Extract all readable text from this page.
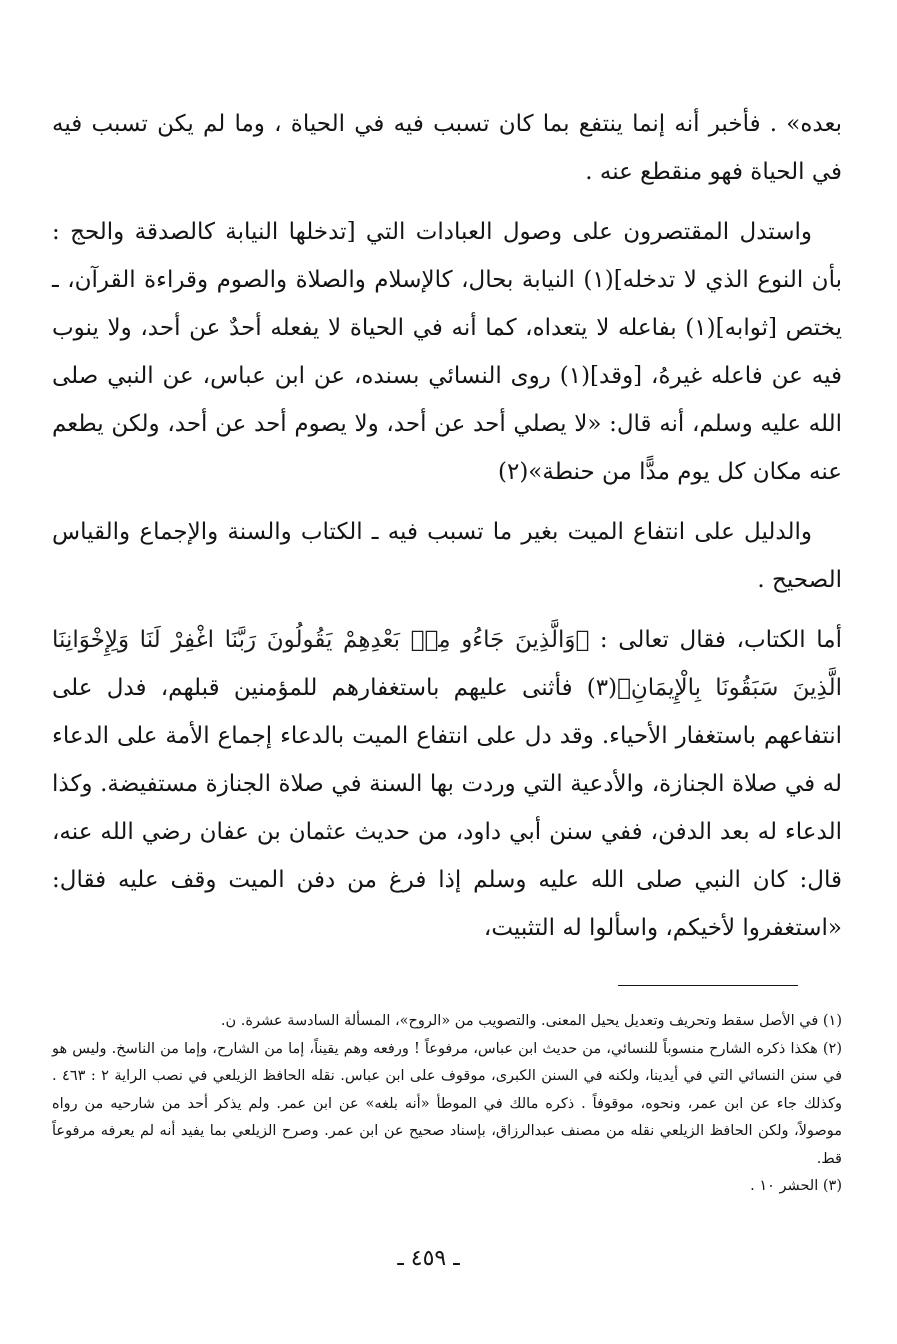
بعده» . فأخبر أنه إنما ينتفع بما كان تسبب فيه في الحياة ، وما لم يكن تسبب فيه في الحياة فهو منقطع عنه .

واستدل المقتصرون على وصول العبادات التي [تدخلها النيابة كالصدقة والحج : بأن النوع الذي لا تدخله](١) النيابة بحال، كالإسلام والصلاة والصوم وقراءة القرآن، ـ يختص [ثوابه](١) بفاعله لا يتعداه، كما أنه في الحياة لا يفعله أحدٌ عن أحد، ولا ينوب فيه عن فاعله غيرهُ، [وقد](١) روى النسائي بسنده، عن ابن عباس، عن النبي صلى الله عليه وسلم، أنه قال: «لا يصلي أحد عن أحد، ولا يصوم أحد عن أحد، ولكن يطعم عنه مكان كل يوم مدًّا من حنطة»(٢)

والدليل على انتفاع الميت بغير ما تسبب فيه ـ الكتاب والسنة والإجماع والقياس الصحيح .

أما الكتاب، فقال تعالى : ﴿وَالَّذِينَ جَاءُو مِنۢ بَعْدِهِمْ يَقُولُونَ رَبَّنَا اغْفِرْ لَنَا وَلِإِخْوَانِنَا الَّذِينَ سَبَقُونَا بِالْإِيمَانِ﴾(٣) فأثنى عليهم باستغفارهم للمؤمنين قبلهم، فدل على انتفاعهم باستغفار الأحياء. وقد دل على انتفاع الميت بالدعاء إجماع الأمة على الدعاء له في صلاة الجنازة، والأدعية التي وردت بها السنة في صلاة الجنازة مستفيضة. وكذا الدعاء له بعد الدفن، ففي سنن أبي داود، من حديث عثمان بن عفان رضي الله عنه، قال: كان النبي صلى الله عليه وسلم إذا فرغ من دفن الميت وقف عليه فقال: «استغفروا لأخيكم، واسألوا له التثبيت،

(١) في الأصل سقط وتحريف وتعديل يحيل المعنى. والتصويب من «الروح»، المسألة السادسة عشرة. ن.

(٢) هكذا ذكره الشارح منسوباً للنسائي، من حديث ابن عباس، مرفوعاً ! ورفعه وهم يقيناً، إما من الشارح، وإما من الناسخ. وليس هو في سنن النسائي التي في أيدينا، ولكنه في السنن الكبرى، موقوف على ابن عباس. نقله الحافظ الزيلعي في نصب الراية ٢ : ٤٦٣ . وكذلك جاء عن ابن عمر، ونحوه، موقوفاً . ذكره مالك في الموطأ «أنه بلغه» عن ابن عمر. ولم يذكر أحد من شارحيه من رواه موصولاً، ولكن الحافظ الزيلعي نقله من مصنف عبدالرزاق، بإسناد صحيح عن ابن عمر. وصرح الزيلعي بما يفيد أنه لم يعرفه مرفوعاً قط.

(٣) الحشر ١٠ .

ـ ٤٥٩ ـ
